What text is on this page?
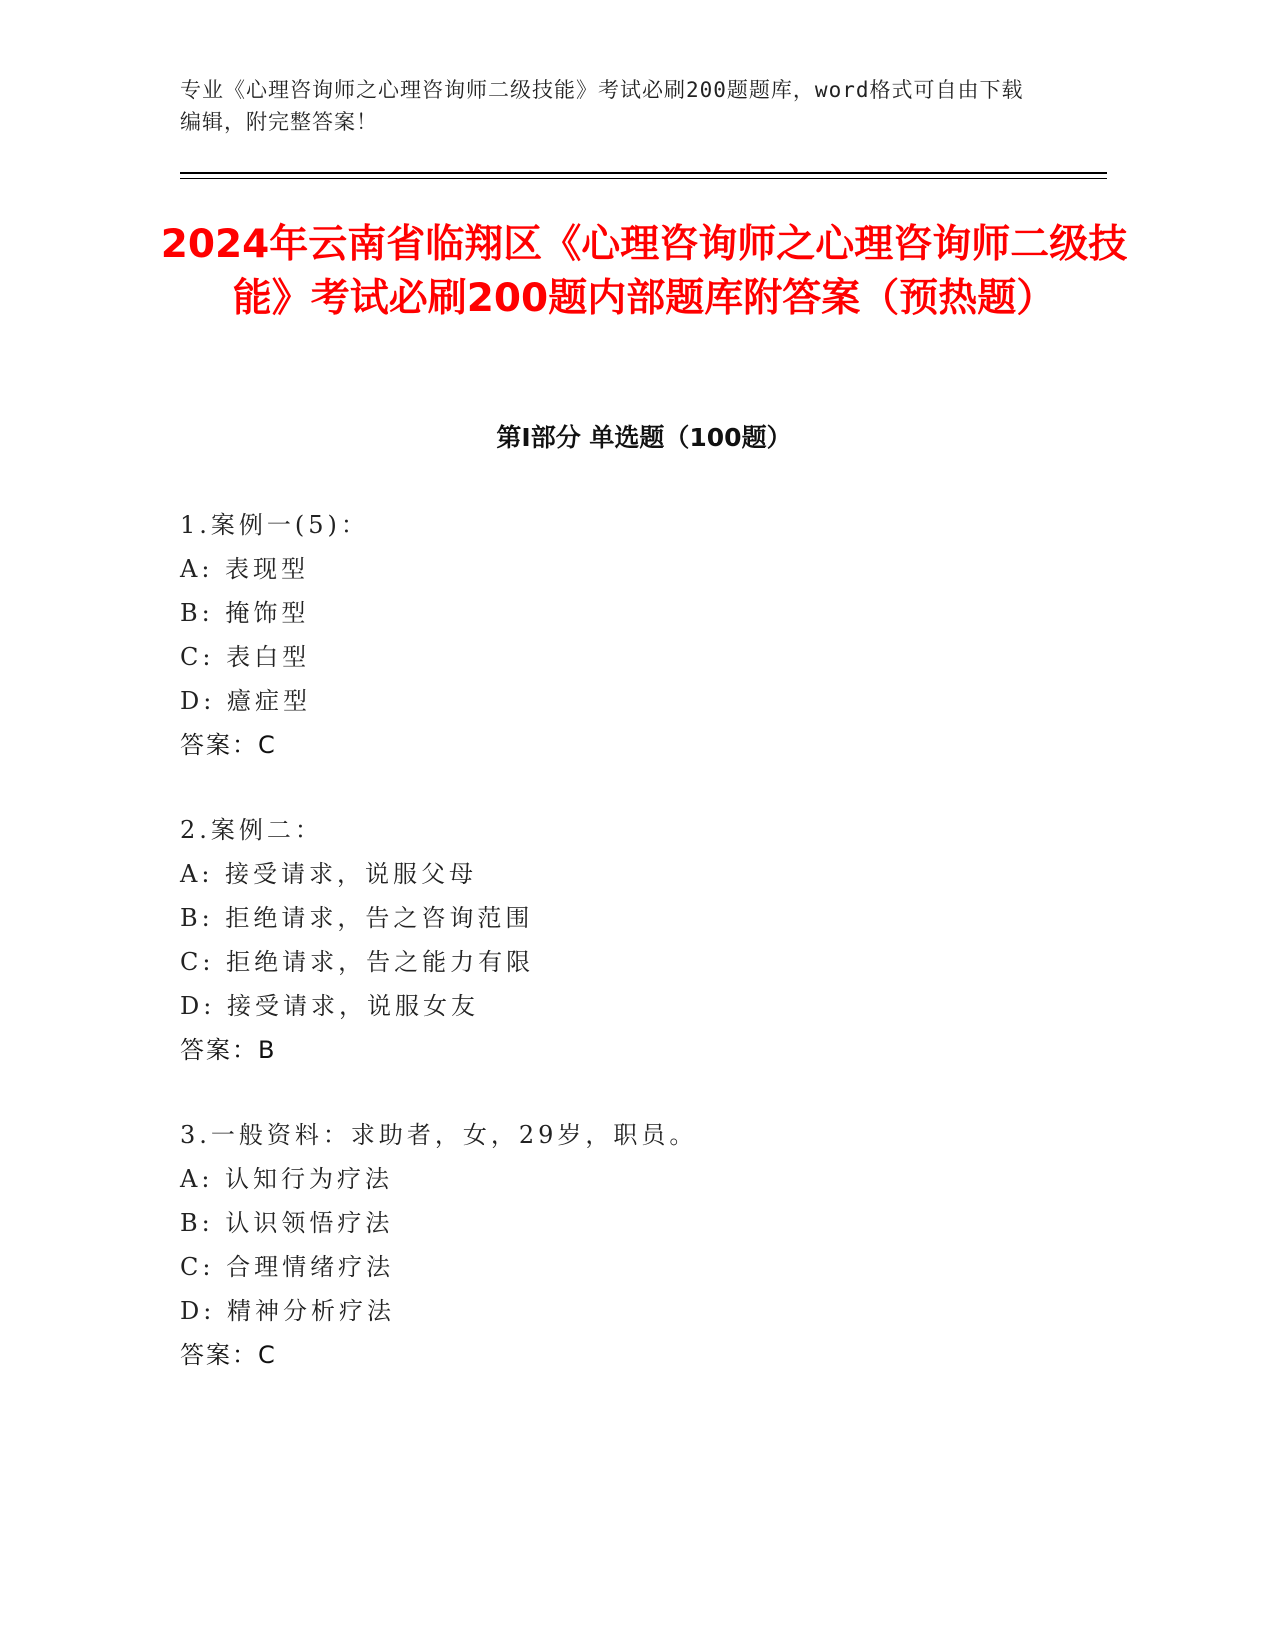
专业《心理咨询师之心理咨询师二级技能》考试必刷200题题库，word格式可自由下载编辑，附完整答案！
2024年云南省临翔区《心理咨询师之心理咨询师二级技能》考试必刷200题内部题库附答案（预热题）
第I部分 单选题（100题）
1.案例一(5)：
A: 表现型
B: 掩饰型
C: 表白型
D: 癔症型
答案：C
2.案例二：
A: 接受请求，说服父母
B: 拒绝请求，告之咨询范围
C: 拒绝请求，告之能力有限
D: 接受请求，说服女友
答案：B
3.一般资料：求助者，女，29岁，职员。
A: 认知行为疗法
B: 认识领悟疗法
C: 合理情绪疗法
D: 精神分析疗法
答案：C
